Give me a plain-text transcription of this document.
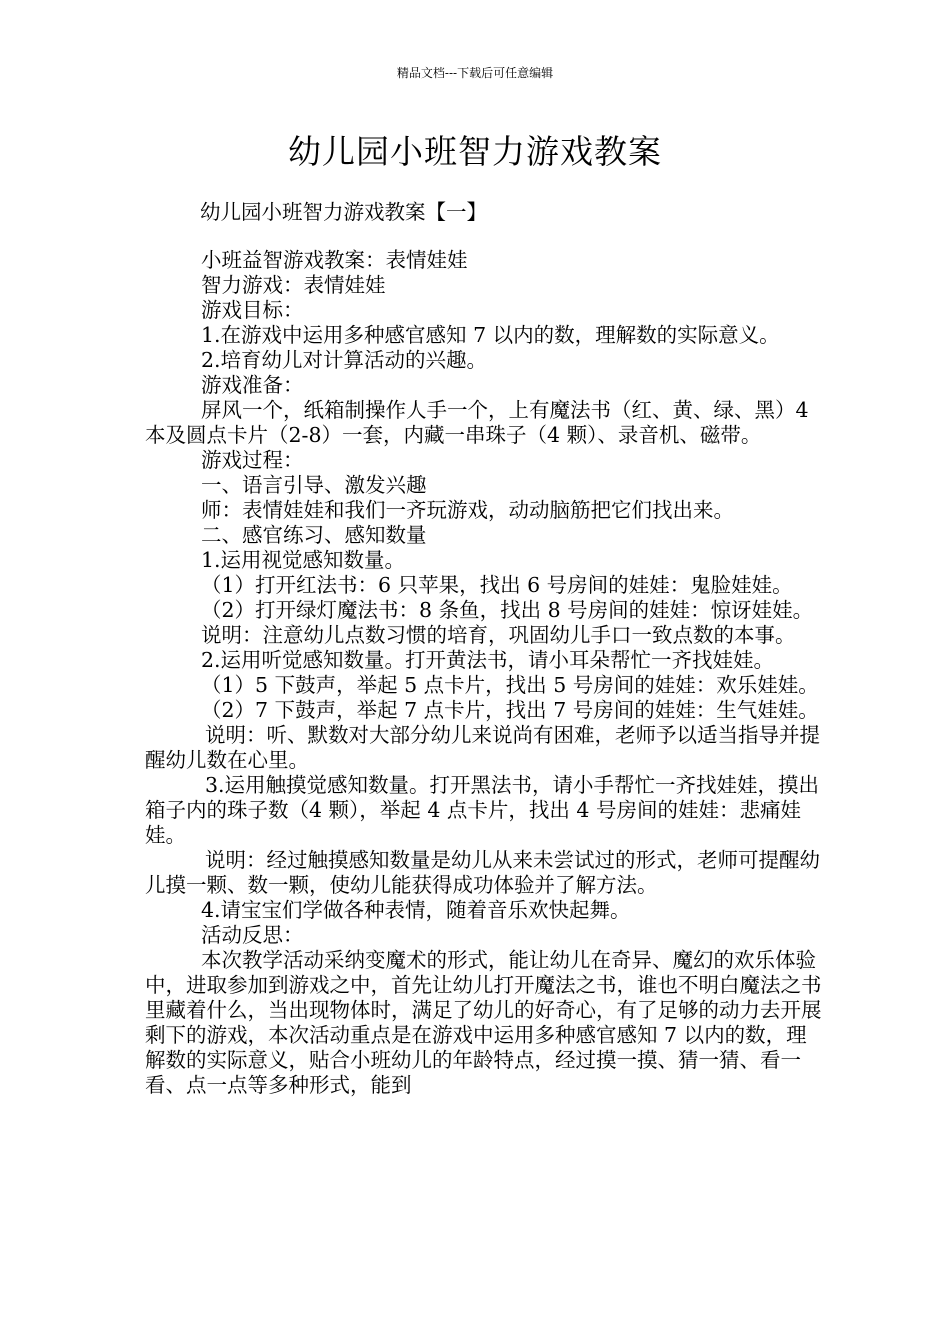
精品文档---下载后可任意编辑
幼儿园小班智力游戏教案
幼儿园小班智力游戏教案【一】

小班益智游戏教案：表情娃娃

智力游戏：表情娃娃

游戏目标：

1.在游戏中运用多种感官感知 7 以内的数，理解数的实际意义。

2.培育幼儿对计算活动的兴趣。

游戏准备：

屏风一个，纸箱制操作人手一个，上有魔法书（红、黄、绿、黑）4 本及圆点卡片（2-8）一套，内藏一串珠子（4 颗）、录音机、磁带。

游戏过程：

一、语言引导、激发兴趣

师：表情娃娃和我们一齐玩游戏，动动脑筋把它们找出来。

二、感官练习、感知数量

1.运用视觉感知数量。

（1）打开红法书：6 只苹果，找出 6 号房间的娃娃：鬼脸娃娃。

（2）打开绿灯魔法书：8 条鱼，找出 8 号房间的娃娃：惊讶娃娃。

说明：注意幼儿点数习惯的培育，巩固幼儿手口一致点数的本事。

2.运用听觉感知数量。打开黄法书，请小耳朵帮忙一齐找娃娃。

（1）5 下鼓声，举起 5 点卡片，找出 5 号房间的娃娃：欢乐娃娃。

（2）7 下鼓声，举起 7 点卡片，找出 7 号房间的娃娃：生气娃娃。

说明：听、默数对大部分幼儿来说尚有困难，老师予以适当指导并提醒幼儿数在心里。

3.运用触摸觉感知数量。打开黑法书，请小手帮忙一齐找娃娃，摸出箱子内的珠子数（4 颗），举起 4 点卡片，找出 4 号房间的娃娃：悲痛娃娃。

说明：经过触摸感知数量是幼儿从来未尝试过的形式，老师可提醒幼儿摸一颗、数一颗，使幼儿能获得成功体验并了解方法。

4.请宝宝们学做各种表情，随着音乐欢快起舞。

活动反思：

本次教学活动采纳变魔术的形式，能让幼儿在奇异、魔幻的欢乐体验中，进取参加到游戏之中，首先让幼儿打开魔法之书，谁也不明白魔法之书里藏着什么，当出现物体时，满足了幼儿的好奇心，有了足够的动力去开展剩下的游戏，本次活动重点是在游戏中运用多种感官感知 7 以内的数，理解数的实际意义，贴合小班幼儿的年龄特点，经过摸一摸、猜一猜、看一看、点一点等多种形式，能到
